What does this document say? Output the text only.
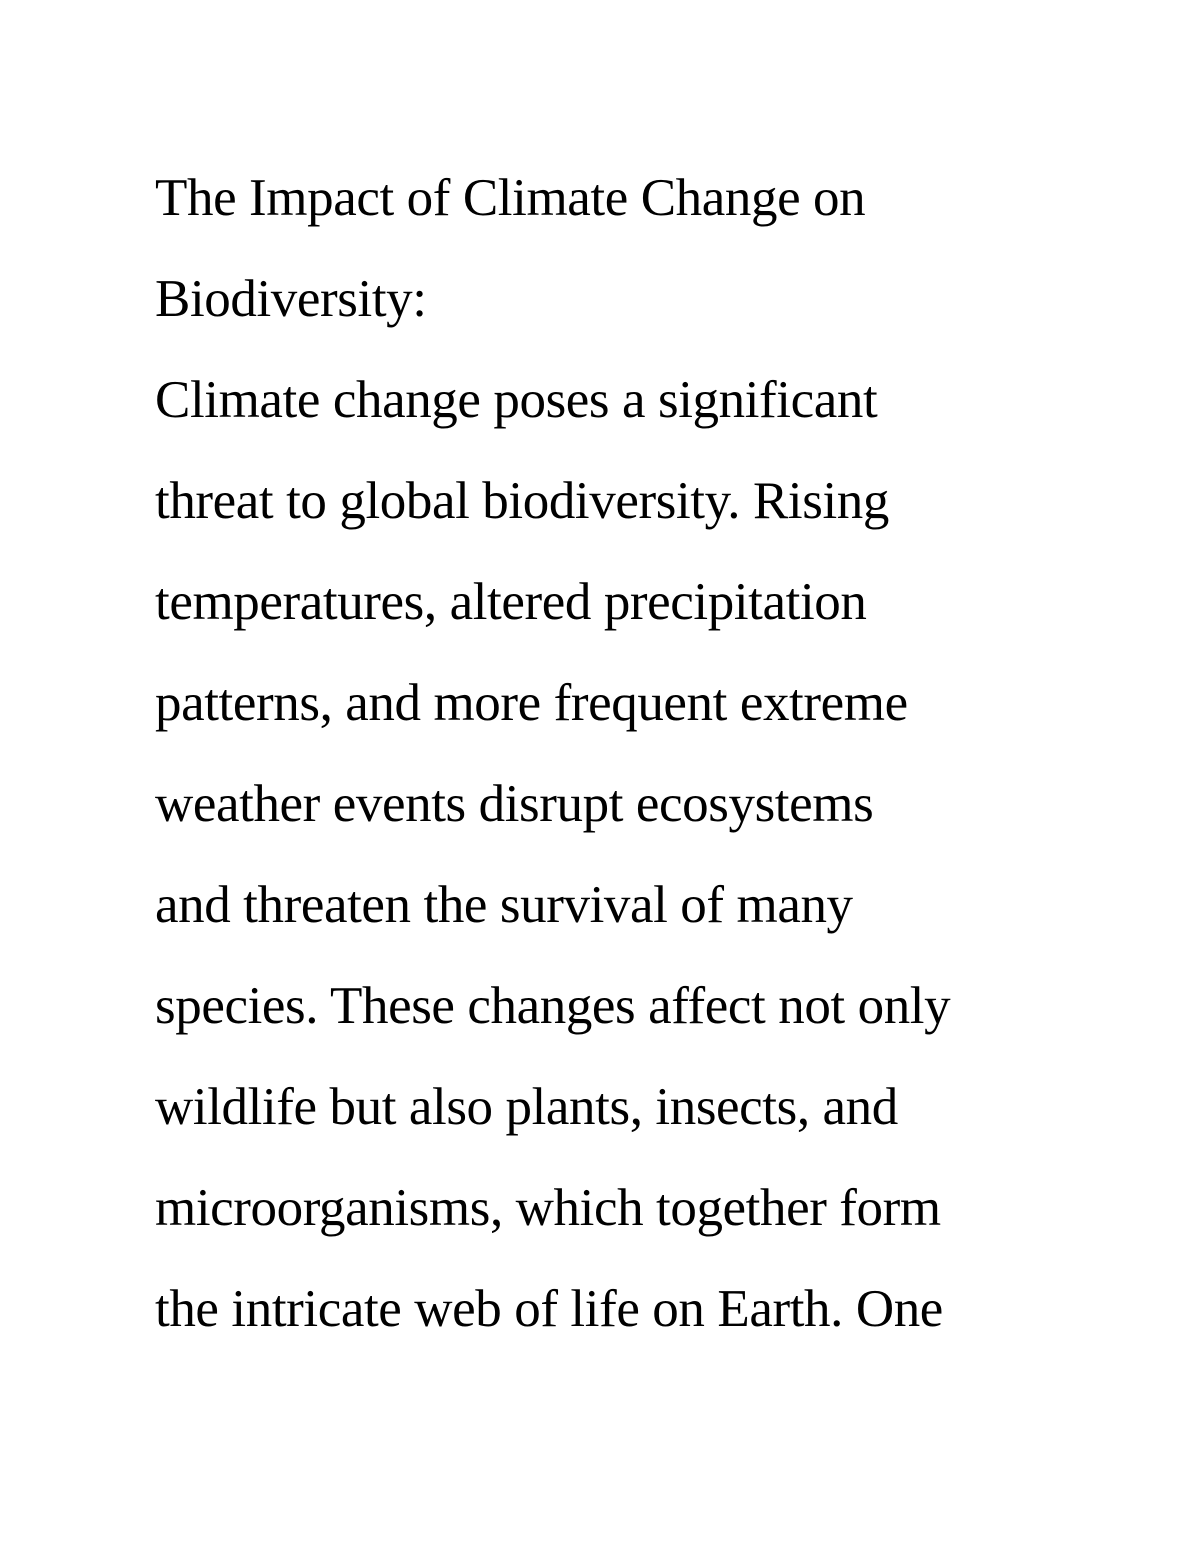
The Impact of Climate Change on
Biodiversity:
Climate change poses a significant
threat to global biodiversity. Rising
temperatures, altered precipitation
patterns, and more frequent extreme
weather events disrupt ecosystems
and threaten the survival of many
species. These changes affect not only
wildlife but also plants, insects, and
microorganisms, which together form
the intricate web of life on Earth. One
